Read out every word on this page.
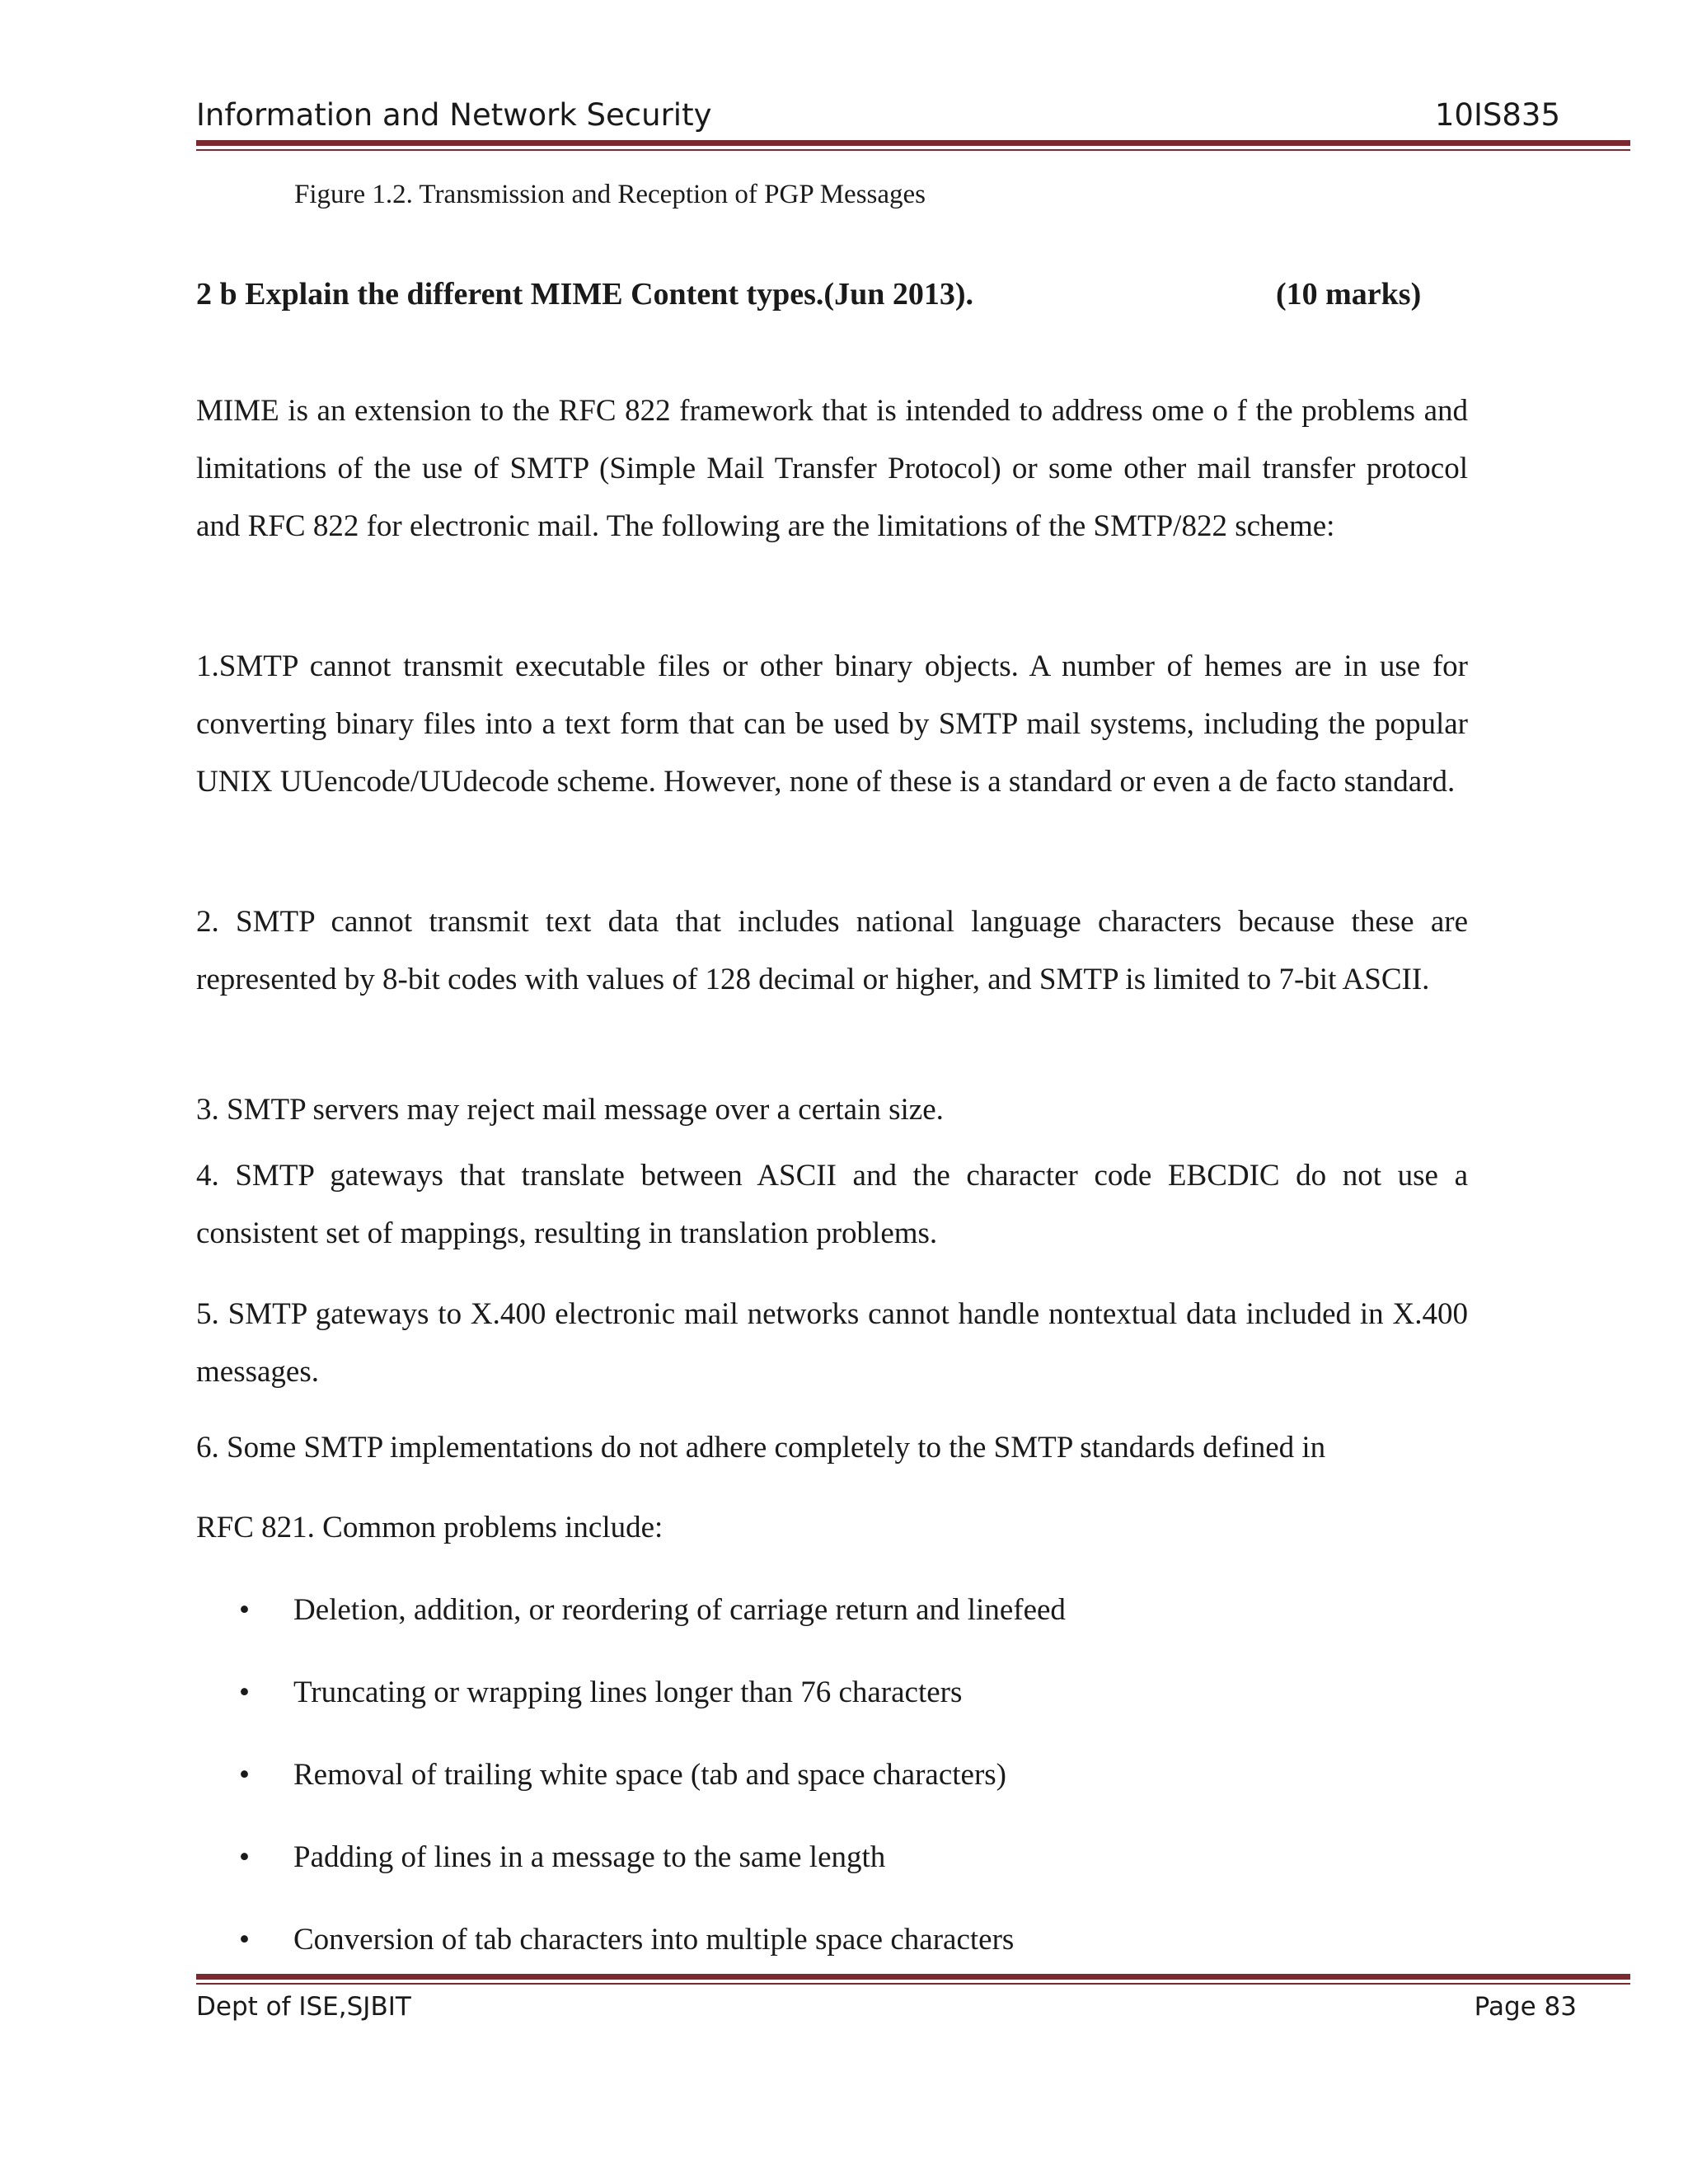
Information and Network Security	10IS835
Figure 1.2. Transmission and Reception of PGP Messages
2 b Explain the different MIME Content types.(Jun 2013).	(10 marks)
MIME is an extension to the RFC 822 framework that is intended to address ome o f the problems and limitations of the use of SMTP (Simple Mail Transfer Protocol) or some other mail transfer protocol and RFC 822 for electronic mail. The following are the limitations of the SMTP/822 scheme:
1.SMTP cannot transmit executable files or other binary objects. A number of hemes are in use for converting binary files into a text form that can be used by SMTP mail systems, including the popular UNIX UUencode/UUdecode scheme. However, none of these is a standard or even a de facto standard.
2. SMTP cannot transmit text data that includes national language characters because these are represented by 8-bit codes with values of 128 decimal or higher, and SMTP is limited to 7-bit ASCII.
3. SMTP servers may reject mail message over a certain size.
4. SMTP gateways that translate between ASCII and the character code EBCDIC do not use a consistent set of mappings, resulting in translation problems.
5. SMTP gateways to X.400 electronic mail networks cannot handle nontextual data included in X.400 messages.
6. Some SMTP implementations do not adhere completely to the SMTP standards defined in
RFC 821. Common problems include:
• Deletion, addition, or reordering of carriage return and linefeed
• Truncating or wrapping lines longer than 76 characters
• Removal of trailing white space (tab and space characters)
• Padding of lines in a message to the same length
• Conversion of tab characters into multiple space characters
Dept of ISE,SJBIT	Page 83
